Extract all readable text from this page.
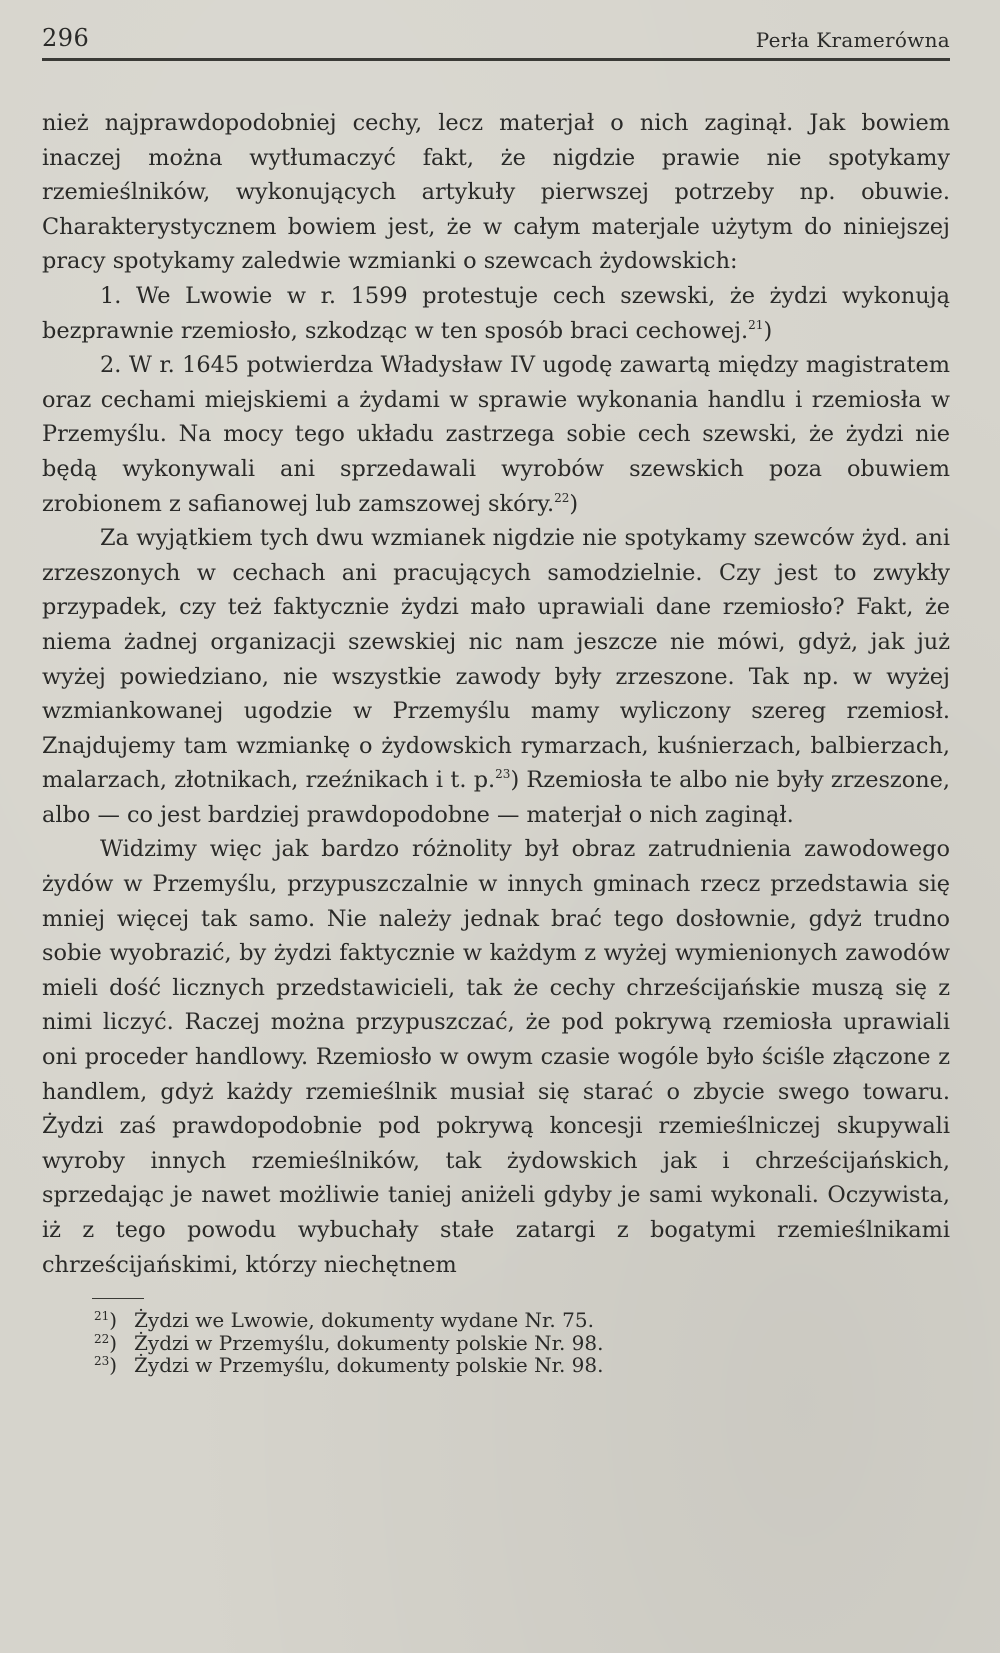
296	Perła Kramerówna

nież najprawdopodobniej cechy, lecz materjał o nich zaginął. Jak bowiem inaczej można wytłumaczyć fakt, że nigdzie prawie nie spotykamy rzemieślników, wykonujących artykuły pierwszej potrzeby np. obuwie. Charakterystycznem bowiem jest, że w całym materjale użytym do niniejszej pracy spotykamy zaledwie wzmianki o szewcach żydowskich:

1. We Lwowie w r. 1599 protestuje cech szewski, że żydzi wykonują bezprawnie rzemiosło, szkodząc w ten sposób braci cechowej.$^{21}$)

2. W r. 1645 potwierdza Władysław IV ugodę zawartą między magistratem oraz cechami miejskiemi a żydami w sprawie wykonania handlu i rzemiosła w Przemyślu. Na mocy tego układu zastrzega sobie cech szewski, że żydzi nie będą wykonywali ani sprzedawali wyrobów szewskich poza obuwiem zrobionem z safianowej lub zamszowej skóry.$^{22}$)

Za wyjątkiem tych dwu wzmianek nigdzie nie spotykamy szewców żyd. ani zrzeszonych w cechach ani pracujących samodzielnie. Czy jest to zwykły przypadek, czy też faktycznie żydzi mało uprawiali dane rzemiosło? Fakt, że niema żadnej organizacji szewskiej nic nam jeszcze nie mówi, gdyż, jak już wyżej powiedziano, nie wszystkie zawody były zrzeszone. Tak np. w wyżej wzmiankowanej ugodzie w Przemyślu mamy wyliczony szereg rzemiosł. Znajdujemy tam wzmiankę o żydowskich rymarzach, kuśnierzach, balbierzach, malarzach, złotnikach, rzeźnikach i t. p.$^{23}$) Rzemiosła te albo nie były zrzeszone, albo — co jest bardziej prawdopodobne — materjał o nich zaginął.

Widzimy więc jak bardzo różnolity był obraz zatrudnienia zawodowego żydów w Przemyślu, przypuszczalnie w innych gminach rzecz przedstawia się mniej więcej tak samo. Nie należy jednak brać tego dosłownie, gdyż trudno sobie wyobrazić, by żydzi faktycznie w każdym z wyżej wymienionych zawodów mieli dość licznych przedstawicieli, tak że cechy chrześcijańskie muszą się z nimi liczyć. Raczej można przypuszczać, że pod pokrywą rzemiosła uprawiali oni proceder handlowy. Rzemiosło w owym czasie wogóle było ściśle złączone z handlem, gdyż każdy rzemieślnik musiał się starać o zbycie swego towaru. Żydzi zaś prawdopodobnie pod pokrywą koncesji rzemieślniczej skupywali wyroby innych rzemieślników, tak żydowskich jak i chrześcijańskich, sprzedając je nawet możliwie taniej aniżeli gdyby je sami wykonali. Oczywista, iż z tego powodu wybuchały stałe zatargi z bogatymi rzemieślnikami chrześcijańskimi, którzy niechętnem

$^{21}$) Żydzi we Lwowie, dokumenty wydane Nr. 75.
$^{22}$) Żydzi w Przemyślu, dokumenty polskie Nr. 98.
$^{23}$) Żydzi w Przemyślu, dokumenty polskie Nr. 98.
